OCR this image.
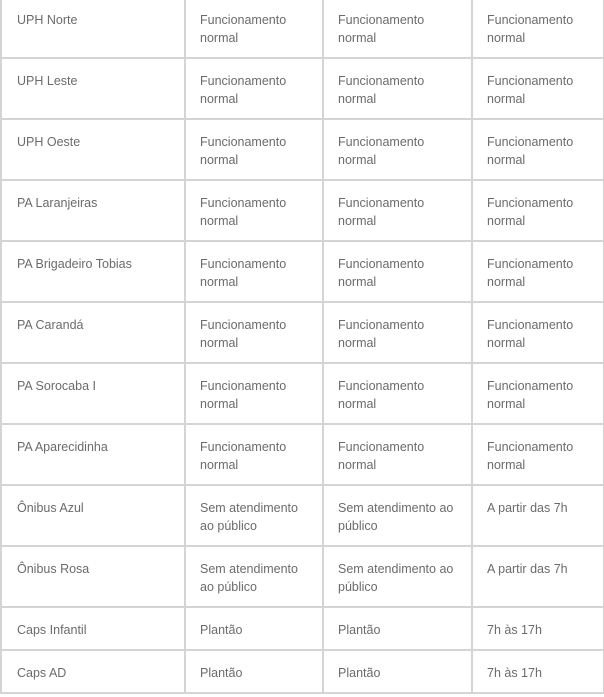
UPH Norte	Funcionamento normal	Funcionamento normal	Funcionamento normal
UPH Leste	Funcionamento normal	Funcionamento normal	Funcionamento normal
UPH Oeste	Funcionamento normal	Funcionamento normal	Funcionamento normal
PA Laranjeiras	Funcionamento normal	Funcionamento normal	Funcionamento normal
PA Brigadeiro Tobias	Funcionamento normal	Funcionamento normal	Funcionamento normal
PA Carandá	Funcionamento normal	Funcionamento normal	Funcionamento normal
PA Sorocaba I	Funcionamento normal	Funcionamento normal	Funcionamento normal
PA Aparecidinha	Funcionamento normal	Funcionamento normal	Funcionamento normal
Ônibus Azul	Sem atendimento ao público	Sem atendimento ao público	A partir das 7h
Ônibus Rosa	Sem atendimento ao público	Sem atendimento ao público	A partir das 7h
Caps Infantil	Plantão	Plantão	7h às 17h
Caps AD	Plantão	Plantão	7h às 17h
